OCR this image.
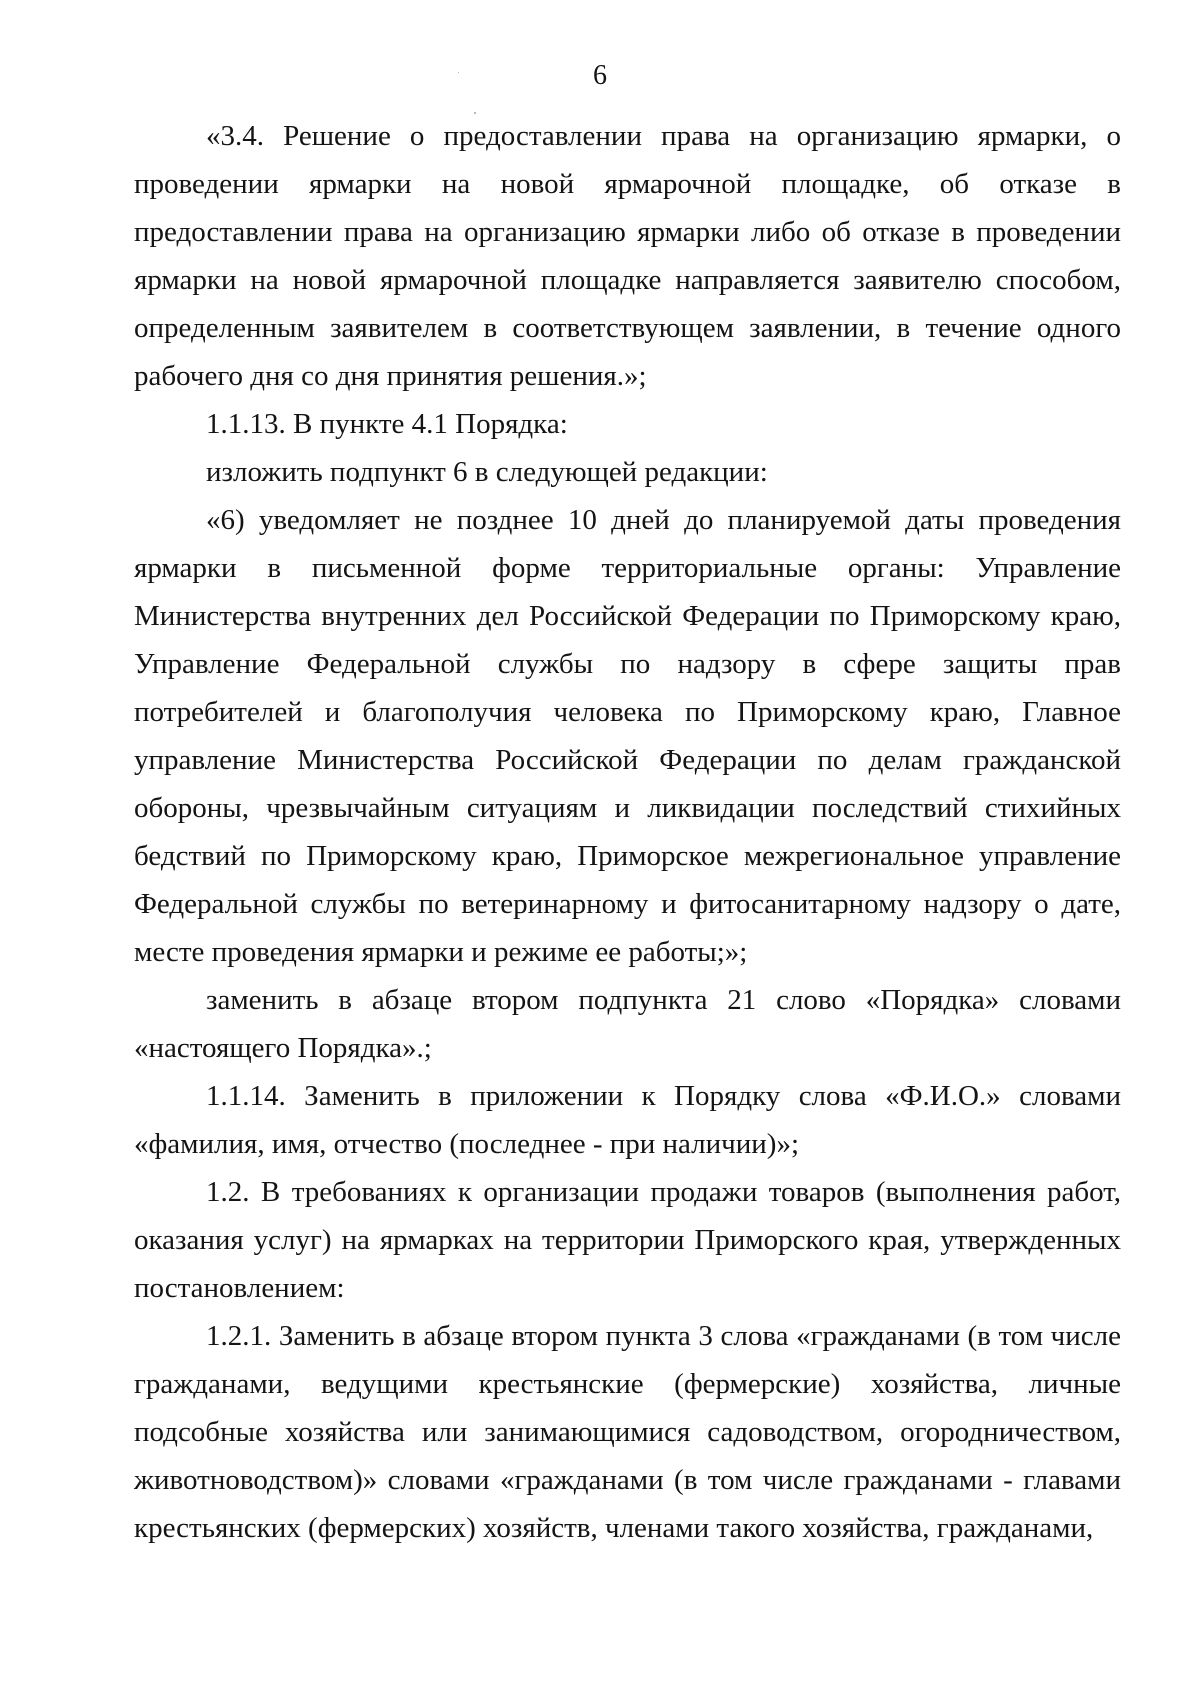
6

«3.4. Решение о предоставлении права на организацию ярмарки, о проведении ярмарки на новой ярмарочной площадке, об отказе в предоставлении права на организацию ярмарки либо об отказе в проведении ярмарки на новой ярмарочной площадке направляется заявителю способом, определенным заявителем в соответствующем заявлении, в течение одного рабочего дня со дня принятия решения.»;

1.1.13. В пункте 4.1 Порядка:

изложить подпункт 6 в следующей редакции:

«6) уведомляет не позднее 10 дней до планируемой даты проведения ярмарки в письменной форме территориальные органы: Управление Министерства внутренних дел Российской Федерации по Приморскому краю, Управление Федеральной службы по надзору в сфере защиты прав потребителей и благополучия человека по Приморскому краю, Главное управление Министерства Российской Федерации по делам гражданской обороны, чрезвычайным ситуациям и ликвидации последствий стихийных бедствий по Приморскому краю, Приморское межрегиональное управление Федеральной службы по ветеринарному и фитосанитарному надзору о дате, месте проведения ярмарки и режиме ее работы;»;

заменить в абзаце втором подпункта 21 слово «Порядка» словами «настоящего Порядка».;

1.1.14. Заменить в приложении к Порядку слова «Ф.И.О.» словами «фамилия, имя, отчество (последнее - при наличии)»;

1.2. В требованиях к организации продажи товаров (выполнения работ, оказания услуг) на ярмарках на территории Приморского края, утвержденных постановлением:

1.2.1. Заменить в абзаце втором пункта 3 слова «гражданами (в том числе гражданами, ведущими крестьянские (фермерские) хозяйства, личные подсобные хозяйства или занимающимися садоводством, огородничеством, животноводством)» словами «гражданами (в том числе гражданами - главами крестьянских (фермерских) хозяйств, членами такого хозяйства, гражданами,
